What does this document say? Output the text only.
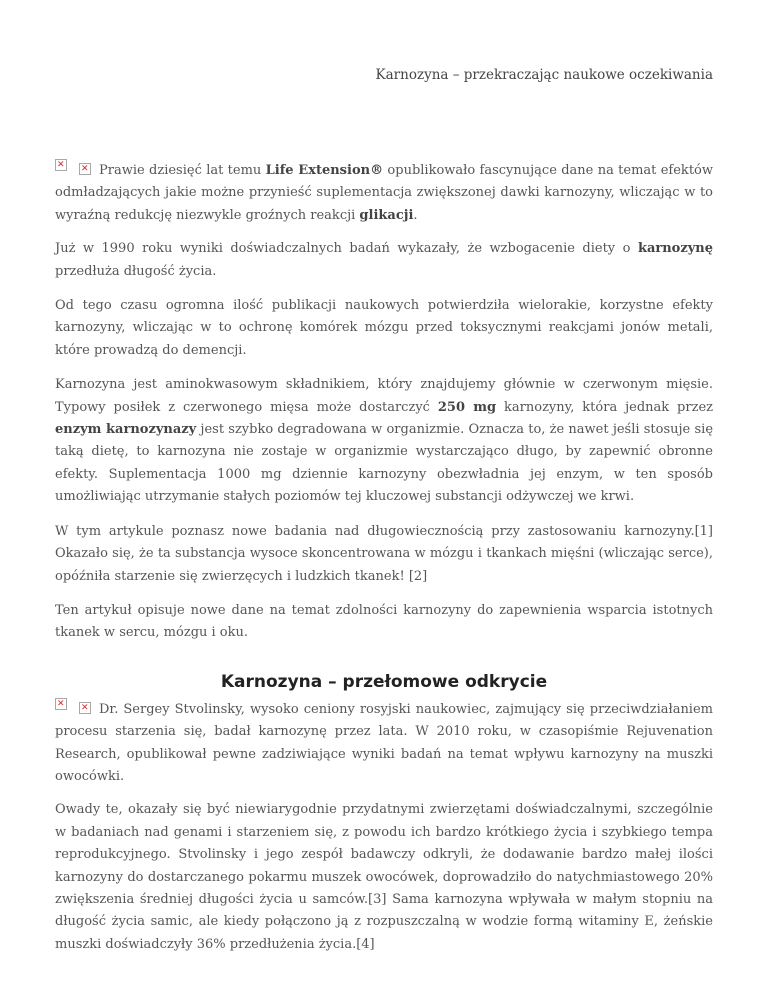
Karnozyna – przekraczając naukowe oczekiwania

✕✕Prawie dziesięć lat temu Life Extension® opublikowało fascynujące dane na temat efektów odmładzających jakie możne przynieść suplementacja zwiększonej dawki karnozyny, wliczając w to wyraźną redukcję niezwykle groźnych reakcji glikacji.

Już w 1990 roku wyniki doświadczalnych badań wykazały, że wzbogacenie diety o karnozynę przedłuża długość życia.

Od tego czasu ogromna ilość publikacji naukowych potwierdziła wielorakie, korzystne efekty karnozyny, wliczając w to ochronę komórek mózgu przed toksycznymi reakcjami jonów metali, które prowadzą do demencji.

Karnozyna jest aminokwasowym składnikiem, który znajdujemy głównie w czerwonym mięsie. Typowy posiłek z czerwonego mięsa może dostarczyć 250 mg karnozyny, która jednak przez enzym karnozynazy jest szybko degradowana w organizmie. Oznacza to, że nawet jeśli stosuje się taką dietę, to karnozyna nie zostaje w organizmie wystarczająco długo, by zapewnić obronne efekty. Suplementacja 1000 mg dziennie karnozyny obezwładnia jej enzym, w ten sposób umożliwiając utrzymanie stałych poziomów tej kluczowej substancji odżywczej we krwi.

W tym artykule poznasz nowe badania nad długowiecznością przy zastosowaniu karnozyny.[1] Okazało się, że ta substancja wysoce skoncentrowana w mózgu i tkankach mięśni (wliczając serce), opóźniła starzenie się zwierzęcych i ludzkich tkanek! [2]

Ten artykuł opisuje nowe dane na temat zdolności karnozyny do zapewnienia wsparcia istotnych tkanek w sercu, mózgu i oku.

Karnozyna – przełomowe odkrycie

✕✕Dr. Sergey Stvolinsky, wysoko ceniony rosyjski naukowiec, zajmujący się przeciwdziałaniem procesu starzenia się, badał karnozynę przez lata. W 2010 roku, w czasopiśmie Rejuvenation Research, opublikował pewne zadziwiające wyniki badań na temat wpływu karnozyny na muszki owocówki.

Owady te, okazały się być niewiarygodnie przydatnymi zwierzętami doświadczalnymi, szczególnie w badaniach nad genami i starzeniem się, z powodu ich bardzo krótkiego życia i szybkiego tempa reprodukcyjnego. Stvolinsky i jego zespół badawczy odkryli, że dodawanie bardzo małej ilości karnozyny do dostarczanego pokarmu muszek owocówek, doprowadziło do natychmiastowego 20% zwiększenia średniej długości życia u samców.[3] Sama karnozyna wpływała w małym stopniu na długość życia samic, ale kiedy połączono ją z rozpuszczalną w wodzie formą witaminy E, żeńskie muszki doświadczyły 36% przedłużenia życia.[4]
